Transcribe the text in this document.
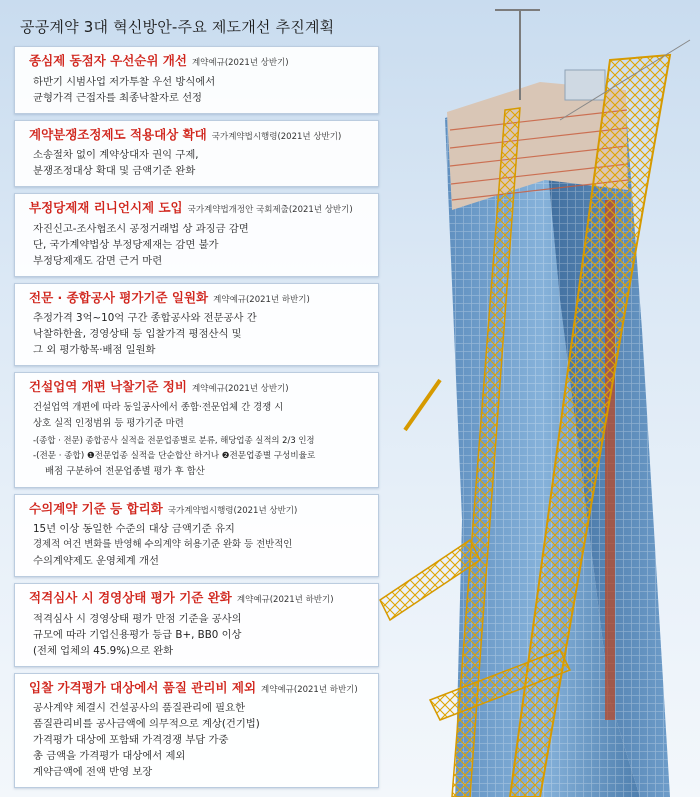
공공계약 3대 혁신방안-주요 제도개선 추진계획
종심제 동점자 우선순위 개선 계약예규(2021년 상반기)
하반기 시범사업 저가투찰 우선 방식에서
균형가격 근접자를 최종낙찰자로 선정
계약분쟁조정제도 적용대상 확대 국가계약법시행령(2021년 상반기)
소송절차 없이 계약상대자 권익 구제,
분쟁조정대상 확대 및 금액기준 완화
부정당제재 리니언시제 도입 국가계약법개정안 국회제출(2021년 상반기)
자진신고-조사협조시 공정거래법 상 과징금 감면
단, 국가계약법상 부정당제재는 감면 불가
부정당제재도 감면 근거 마련
전문 · 종합공사 평가기준 일원화 계약예규(2021년 하반기)
추정가격 3억~10억 구간 종합공사와 전문공사 간
낙찰하한율, 경영상태 등 입찰가격 평점산식 및
그 외 평가항목·배점 일원화
건설업역 개편 낙찰기준 정비 계약예규(2021년 상반기)
건설업역 개편에 따라 동일공사에서 종합·전문업체 간 경쟁 시
상호 실적 인정범위 등 평가기준 마련
-(종합 · 전문) 종합공사 실적을 전문업종별로 분류, 해당업종 실적의 2/3 인정
-(전문 · 종합) ❶전문업종 실적을 단순합산 하거나 ❷전문업종별 구성비율로
배점 구분하여 전문업종별 평가 후 합산
수의계약 기준 등 합리화 국가계약법시행령(2021년 상반기)
15년 이상 동일한 수준의 대상 금액기준 유지
경제적 여건 변화를 반영해 수의계약 허용기준 완화 등 전반적인
수의계약제도 운영체계 개선
적격심사 시 경영상태 평가 기준 완화 계약예규(2021년 하반기)
적격심사 시 경영상태 평가 만점 기준을 공사의
규모에 따라 기업신용평가 등급 B+, BB0 이상
(전체 업체의 45.9%)으로 완화
입찰 가격평가 대상에서 품질 관리비 제외 계약예규(2021년 하반기)
공사계약 체결시 건설공사의 품질관리에 필요한
품질관리비를 공사금액에 의무적으로 계상(건기법)
가격평가 대상에 포함돼 가격경쟁 부담 가중
총 금액을 가격평가 대상에서 제외
계약금액에 전액 반영 보장
